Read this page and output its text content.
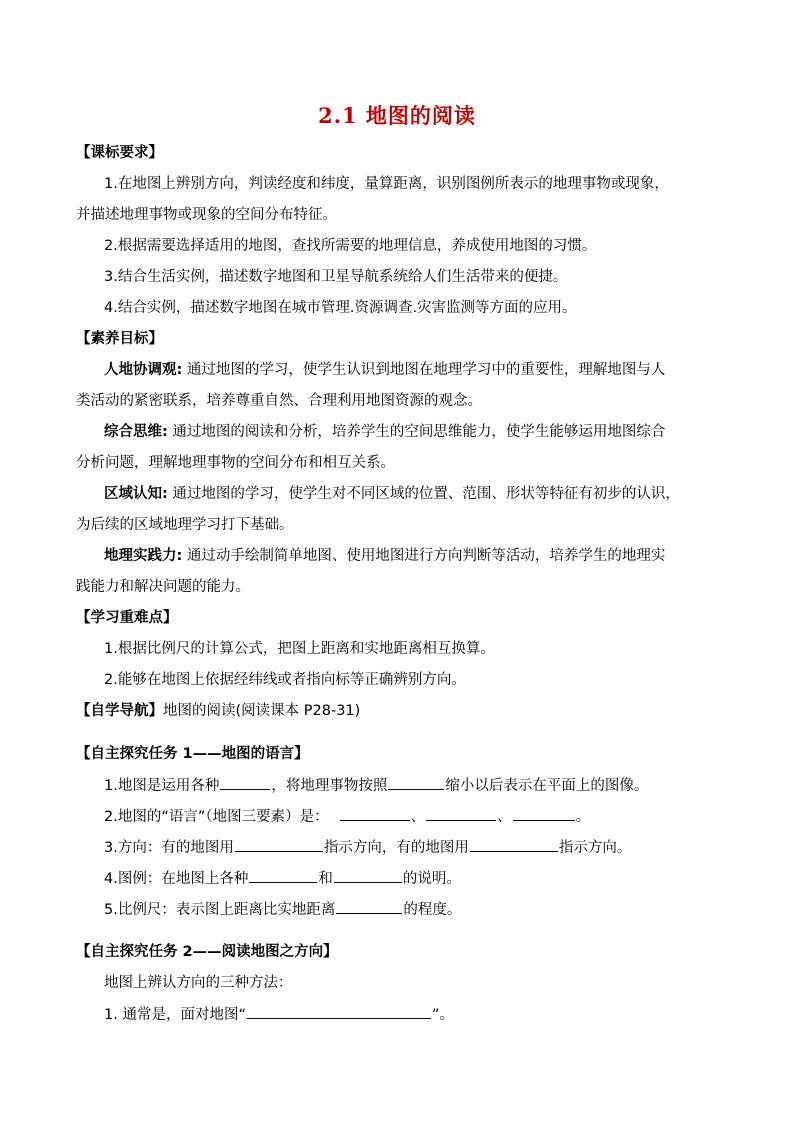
2.1 地图的阅读
【课标要求】
1.在地图上辨别方向，判读经度和纬度，量算距离，识别图例所表示的地理事物或现象，
并描述地理事物或现象的空间分布特征。
2.根据需要选择适用的地图，查找所需要的地理信息，养成使用地图的习惯。
3.结合生活实例，描述数字地图和卫星导航系统给人们生活带来的便捷。
4.结合实例，描述数字地图在城市管理.资源调查.灾害监测等方面的应用。
【素养目标】
人地协调观: 通过地图的学习，使学生认识到地图在地理学习中的重要性，理解地图与人
类活动的紧密联系，培养尊重自然、合理利用地图资源的观念。
综合思维: 通过地图的阅读和分析，培养学生的空间思维能力，使学生能够运用地图综合
分析问题，理解地理事物的空间分布和相互关系。
区域认知: 通过地图的学习，使学生对不同区域的位置、范围、形状等特征有初步的认识，
为后续的区域地理学习打下基础。
地理实践力: 通过动手绘制简单地图、使用地图进行方向判断等活动，培养学生的地理实
践能力和解决问题的能力。
【学习重难点】
1.根据比例尺的计算公式，把图上距离和实地距离相互换算。
2.能够在地图上依据经纬线或者指向标等正确辨别方向。
【自学导航】地图的阅读(阅读课本 P28-31)
【自主探究任务 1——地图的语言】
1.地图是运用各种	，将地理事物按照	缩小以后表示在平面上的图像。
2.地图的“语言”（地图三要素）是：	、	、	。
3.方向：有的地图用	指示方向，有的地图用	指示方向。
4.图例：在地图上各种	和	的说明。
5.比例尺：表示图上距离比实地距离	的程度。
【自主探究任务 2——阅读地图之方向】
地图上辨认方向的三种方法：
1. 通常是，面对地图“	”。
